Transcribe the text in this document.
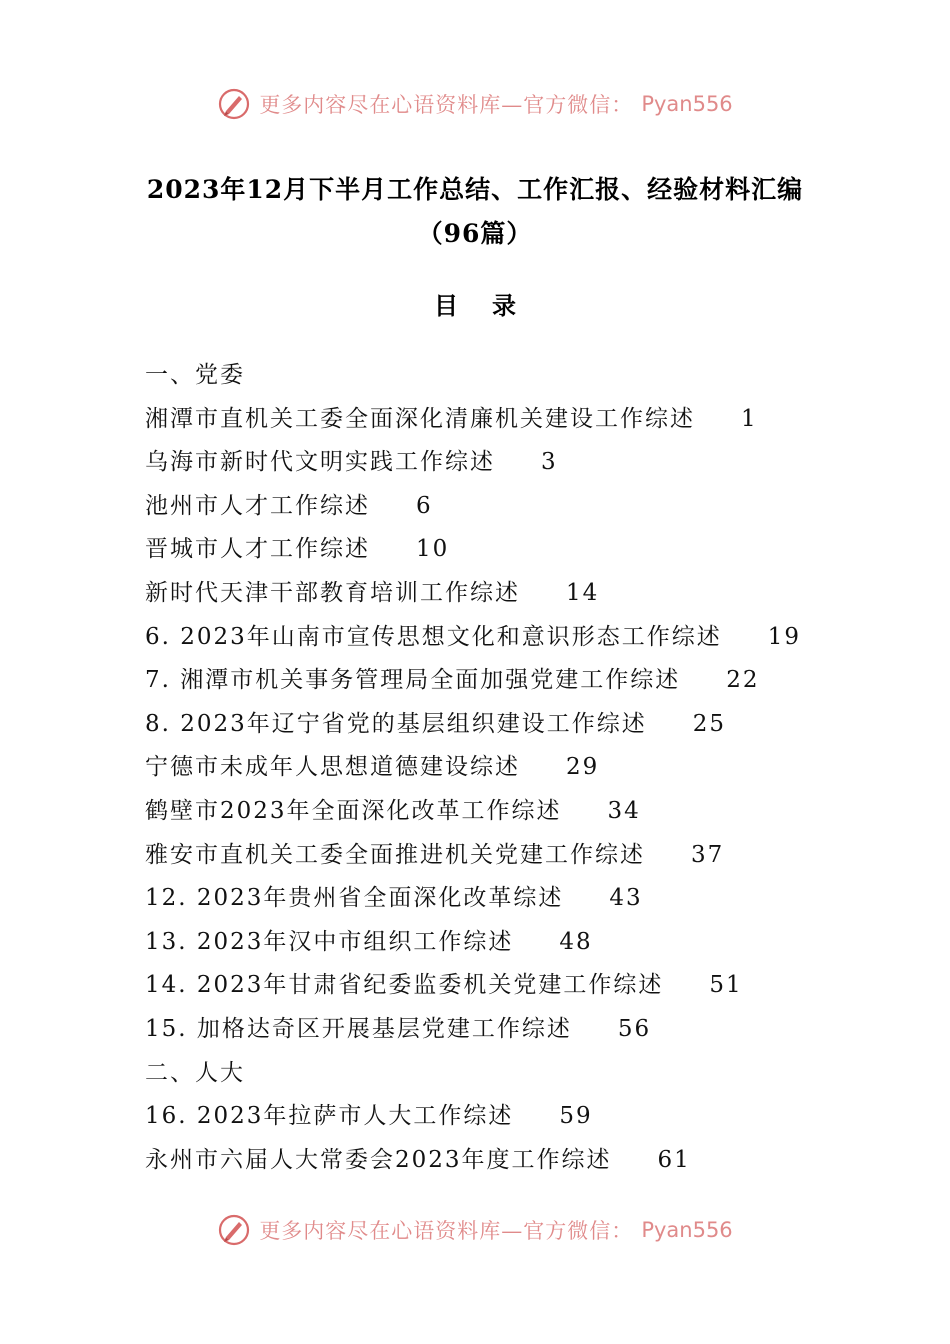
更多内容尽在心语资料库—官方微信： Pyan556
2023年12月下半月工作总结、工作汇报、经验材料汇编
（96篇）
目录
一、党委
湘潭市直机关工委全面深化清廉机关建设工作综述 1
乌海市新时代文明实践工作综述 3
池州市人才工作综述 6
晋城市人才工作综述 10
新时代天津干部教育培训工作综述 14
6. 2023年山南市宣传思想文化和意识形态工作综述 19
7. 湘潭市机关事务管理局全面加强党建工作综述 22
8. 2023年辽宁省党的基层组织建设工作综述 25
宁德市未成年人思想道德建设综述 29
鹤壁市2023年全面深化改革工作综述 34
雅安市直机关工委全面推进机关党建工作综述 37
12. 2023年贵州省全面深化改革综述 43
13. 2023年汉中市组织工作综述 48
14. 2023年甘肃省纪委监委机关党建工作综述 51
15. 加格达奇区开展基层党建工作综述 56
二、人大
16. 2023年拉萨市人大工作综述 59
永州市六届人大常委会2023年度工作综述 61
更多内容尽在心语资料库—官方微信： Pyan556
